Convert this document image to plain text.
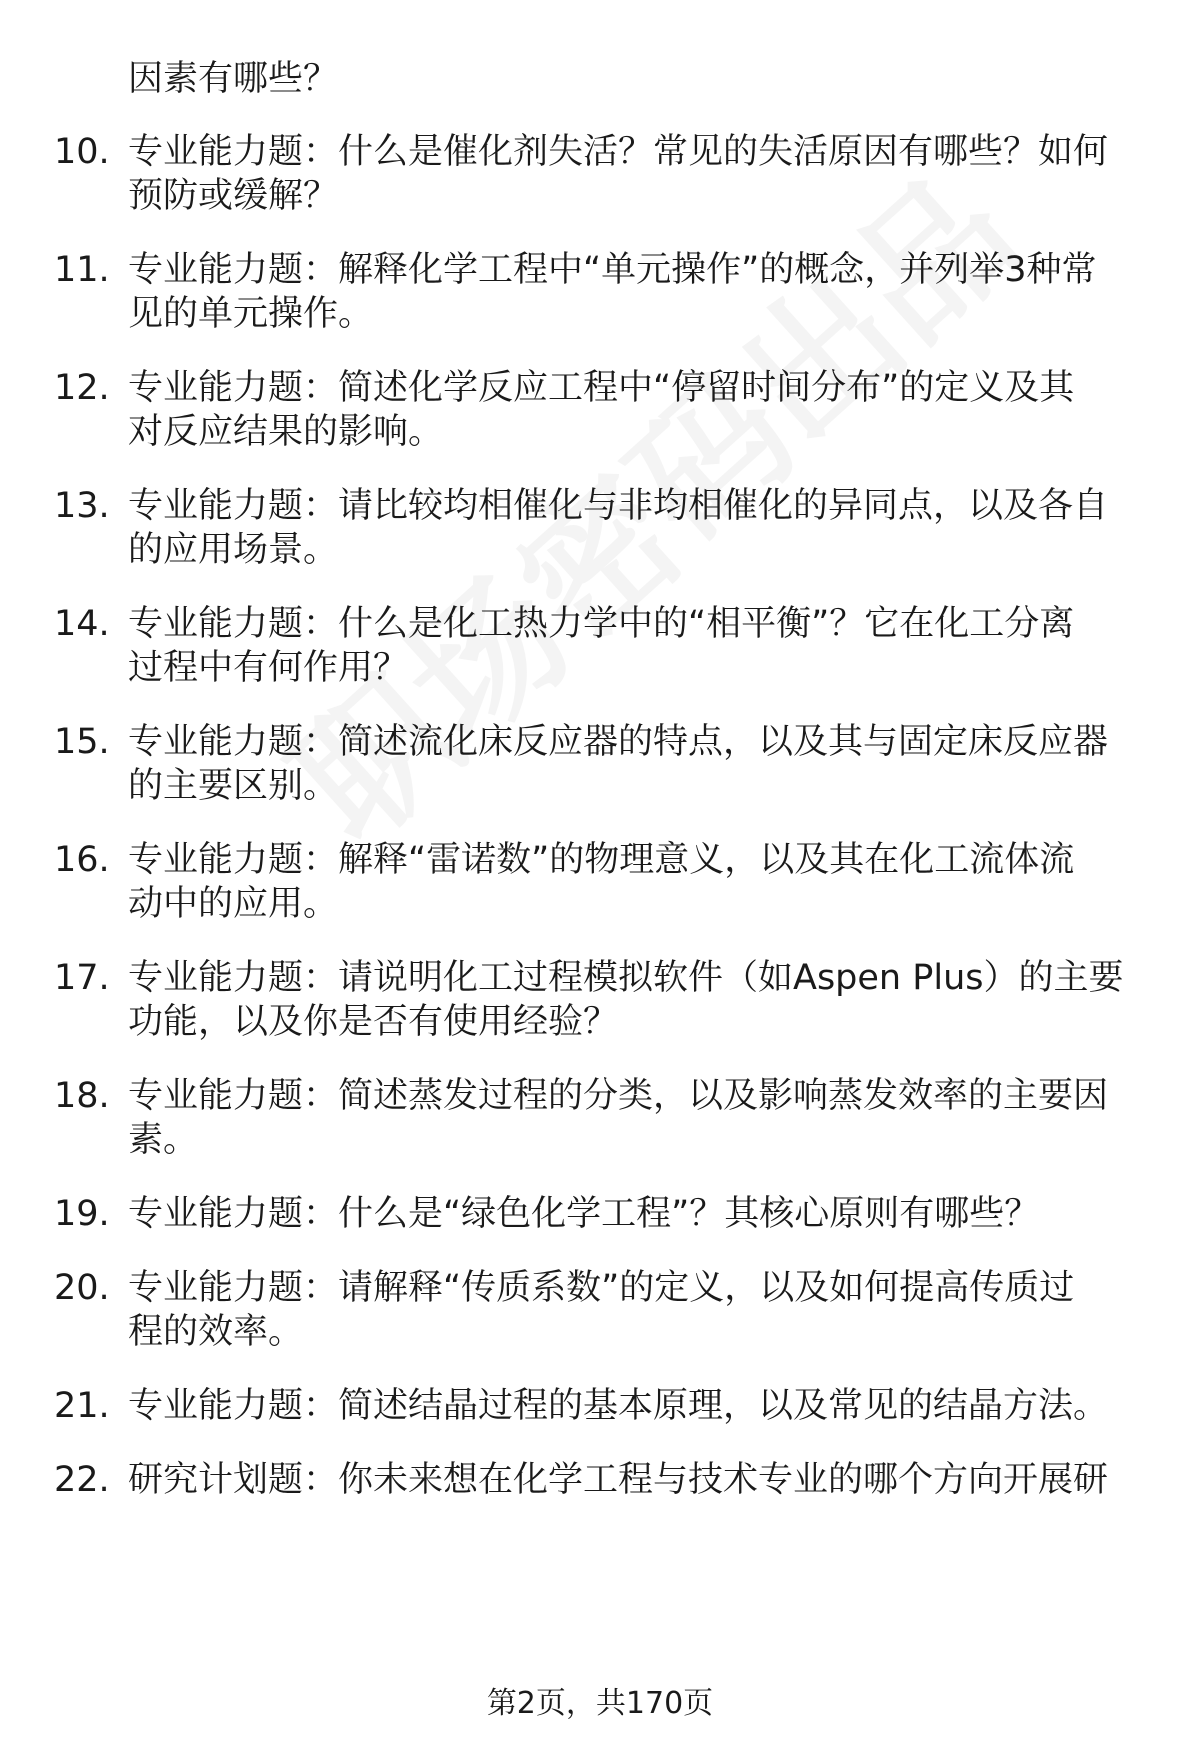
因素有哪些？
10. 专业能力题：什么是催化剂失活？常见的失活原因有哪些？如何
预防或缓解？
11. 专业能力题：解释化学工程中“单元操作”的概念，并列举3种常
见的单元操作。
12. 专业能力题：简述化学反应工程中“停留时间分布”的定义及其
对反应结果的影响。
13. 专业能力题：请比较均相催化与非均相催化的异同点，以及各自
的应用场景。
14. 专业能力题：什么是化工热力学中的“相平衡”？它在化工分离
过程中有何作用？
15. 专业能力题：简述流化床反应器的特点，以及其与固定床反应器
的主要区别。
16. 专业能力题：解释“雷诺数”的物理意义，以及其在化工流体流
动中的应用。
17. 专业能力题：请说明化工过程模拟软件（如Aspen Plus）的主要
功能，以及你是否有使用经验？
18. 专业能力题：简述蒸发过程的分类，以及影响蒸发效率的主要因
素。
19. 专业能力题：什么是“绿色化学工程”？其核心原则有哪些？
20. 专业能力题：请解释“传质系数”的定义，以及如何提高传质过
程的效率。
21. 专业能力题：简述结晶过程的基本原理，以及常见的结晶方法。
22. 研究计划题：你未来想在化学工程与技术专业的哪个方向开展研
第2页，共170页
